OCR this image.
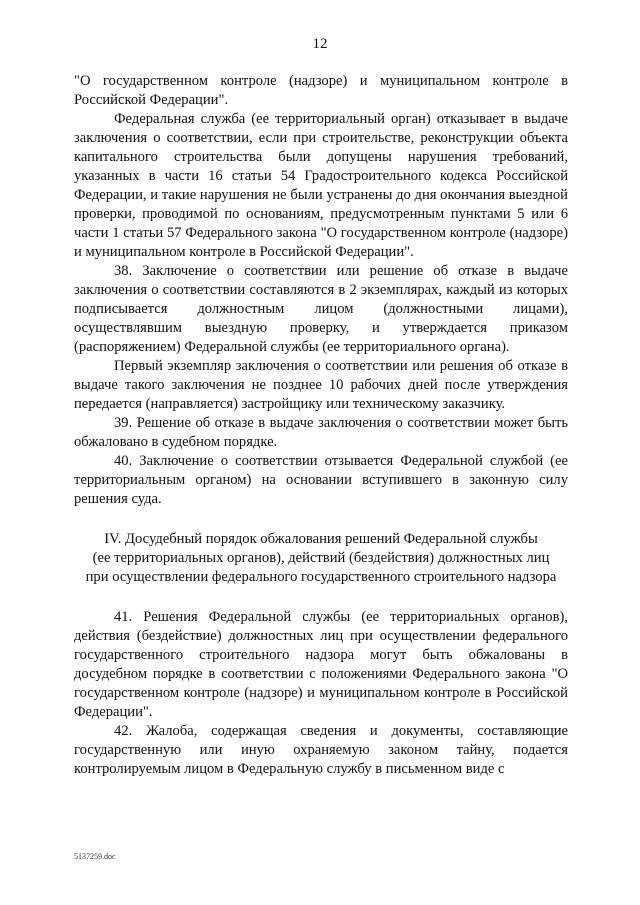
12

"О государственном контроле (надзоре) и муниципальном контроле в Российской Федерации".

Федеральная служба (ее территориальный орган) отказывает в выдаче заключения о соответствии, если при строительстве, реконструкции объекта капитального строительства были допущены нарушения требований, указанных в части 16 статьи 54 Градостроительного кодекса Российской Федерации, и такие нарушения не были устранены до дня окончания выездной проверки, проводимой по основаниям, предусмотренным пунктами 5 или 6 части 1 статьи 57 Федерального закона "О государственном контроле (надзоре) и муниципальном контроле в Российской Федерации".

38. Заключение о соответствии или решение об отказе в выдаче заключения о соответствии составляются в 2 экземплярах, каждый из которых подписывается должностным лицом (должностными лицами), осуществлявшим выездную проверку, и утверждается приказом (распоряжением) Федеральной службы (ее территориального органа).

Первый экземпляр заключения о соответствии или решения об отказе в выдаче такого заключения не позднее 10 рабочих дней после утверждения передается (направляется) застройщику или техническому заказчику.

39. Решение об отказе в выдаче заключения о соответствии может быть обжаловано в судебном порядке.

40. Заключение о соответствии отзывается Федеральной службой (ее территориальным органом) на основании вступившего в законную силу решения суда.

IV. Досудебный порядок обжалования решений Федеральной службы
(ее территориальных органов), действий (бездействия) должностных лиц
при осуществлении федерального государственного строительного надзора

41. Решения Федеральной службы (ее территориальных органов), действия (бездействие) должностных лиц при осуществлении федерального государственного строительного надзора могут быть обжалованы в досудебном порядке в соответствии с положениями Федерального закона "О государственном контроле (надзоре) и муниципальном контроле в Российской Федерации".

42. Жалоба, содержащая сведения и документы, составляющие государственную или иную охраняемую законом тайну, подается контролируемым лицом в Федеральную службу в письменном виде с

5137259.doc
